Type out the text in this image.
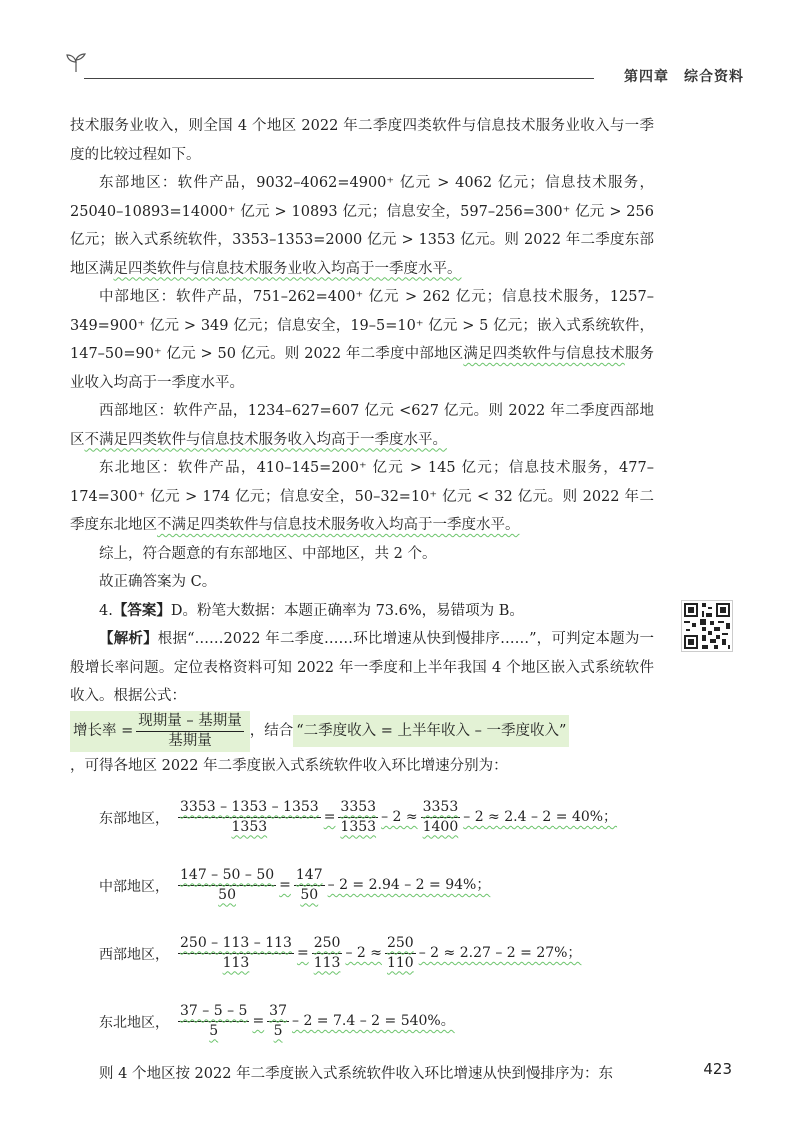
第四章　综合资料

技术服务业收入，则全国 4 个地区 2022 年二季度四类软件与信息技术服务业收入与一季度的比较过程如下。

东部地区：软件产品，9032–4062=4900⁺ 亿元 > 4062 亿元；信息技术服务，25040–10893=14000⁺ 亿元 > 10893 亿元；信息安全，597–256=300⁺ 亿元 > 256 亿元；嵌入式系统软件，3353–1353=2000 亿元 > 1353 亿元。则 2022 年二季度东部地区满足四类软件与信息技术服务业收入均高于一季度水平。

中部地区：软件产品，751–262=400⁺ 亿元 > 262 亿元；信息技术服务，1257–349=900⁺ 亿元 > 349 亿元；信息安全，19–5=10⁺ 亿元 > 5 亿元；嵌入式系统软件，147–50=90⁺ 亿元 > 50 亿元。则 2022 年二季度中部地区满足四类软件与信息技术服务业收入均高于一季度水平。

西部地区：软件产品，1234–627=607 亿元 <627 亿元。则 2022 年二季度西部地区不满足四类软件与信息技术服务收入均高于一季度水平。

东北地区：软件产品，410–145=200⁺ 亿元 > 145 亿元；信息技术服务，477–174=300⁺ 亿元 > 174 亿元；信息安全，50–32=10⁺ 亿元 < 32 亿元。则 2022 年二季度东北地区不满足四类软件与信息技术服务收入均高于一季度水平。

综上，符合题意的有东部地区、中部地区，共 2 个。

故正确答案为 C。

4.【答案】D。粉笔大数据：本题正确率为 73.6%，易错项为 B。

【解析】根据“……2022 年二季度……环比增速从快到慢排序……”，可判定本题为一般增长率问题。定位表格资料可知 2022 年一季度和上半年我国 4 个地区嵌入式系统软件收入。根据公式：

增长率 = $\frac{\text{现期量 – 基期量}}{\text{基期量}}$ ，结合 “二季度收入 = 上半年收入 – 一季度收入”

，可得各地区 2022 年二季度嵌入式系统软件收入环比增速分别为：

东部地区， $\frac{3353 - 1353 - 1353}{1353} = \frac{3353}{1353} - 2 \approx \frac{3353}{1400} - 2 \approx 2.4 - 2 = 40\%$；
中部地区， $\frac{147 - 50 - 50}{50} = \frac{147}{50} - 2 = 2.94 - 2 = 94\%$；
西部地区， $\frac{250 - 113 - 113}{113} = \frac{250}{113} - 2 \approx \frac{250}{110} - 2 \approx 2.27 - 2 = 27\%$；
东北地区， $\frac{37 - 5 - 5}{5} = \frac{37}{5} - 2 = 7.4 - 2 = 540\%$。

则 4 个地区按 2022 年二季度嵌入式系统软件收入环比增速从快到慢排序为：东	423
